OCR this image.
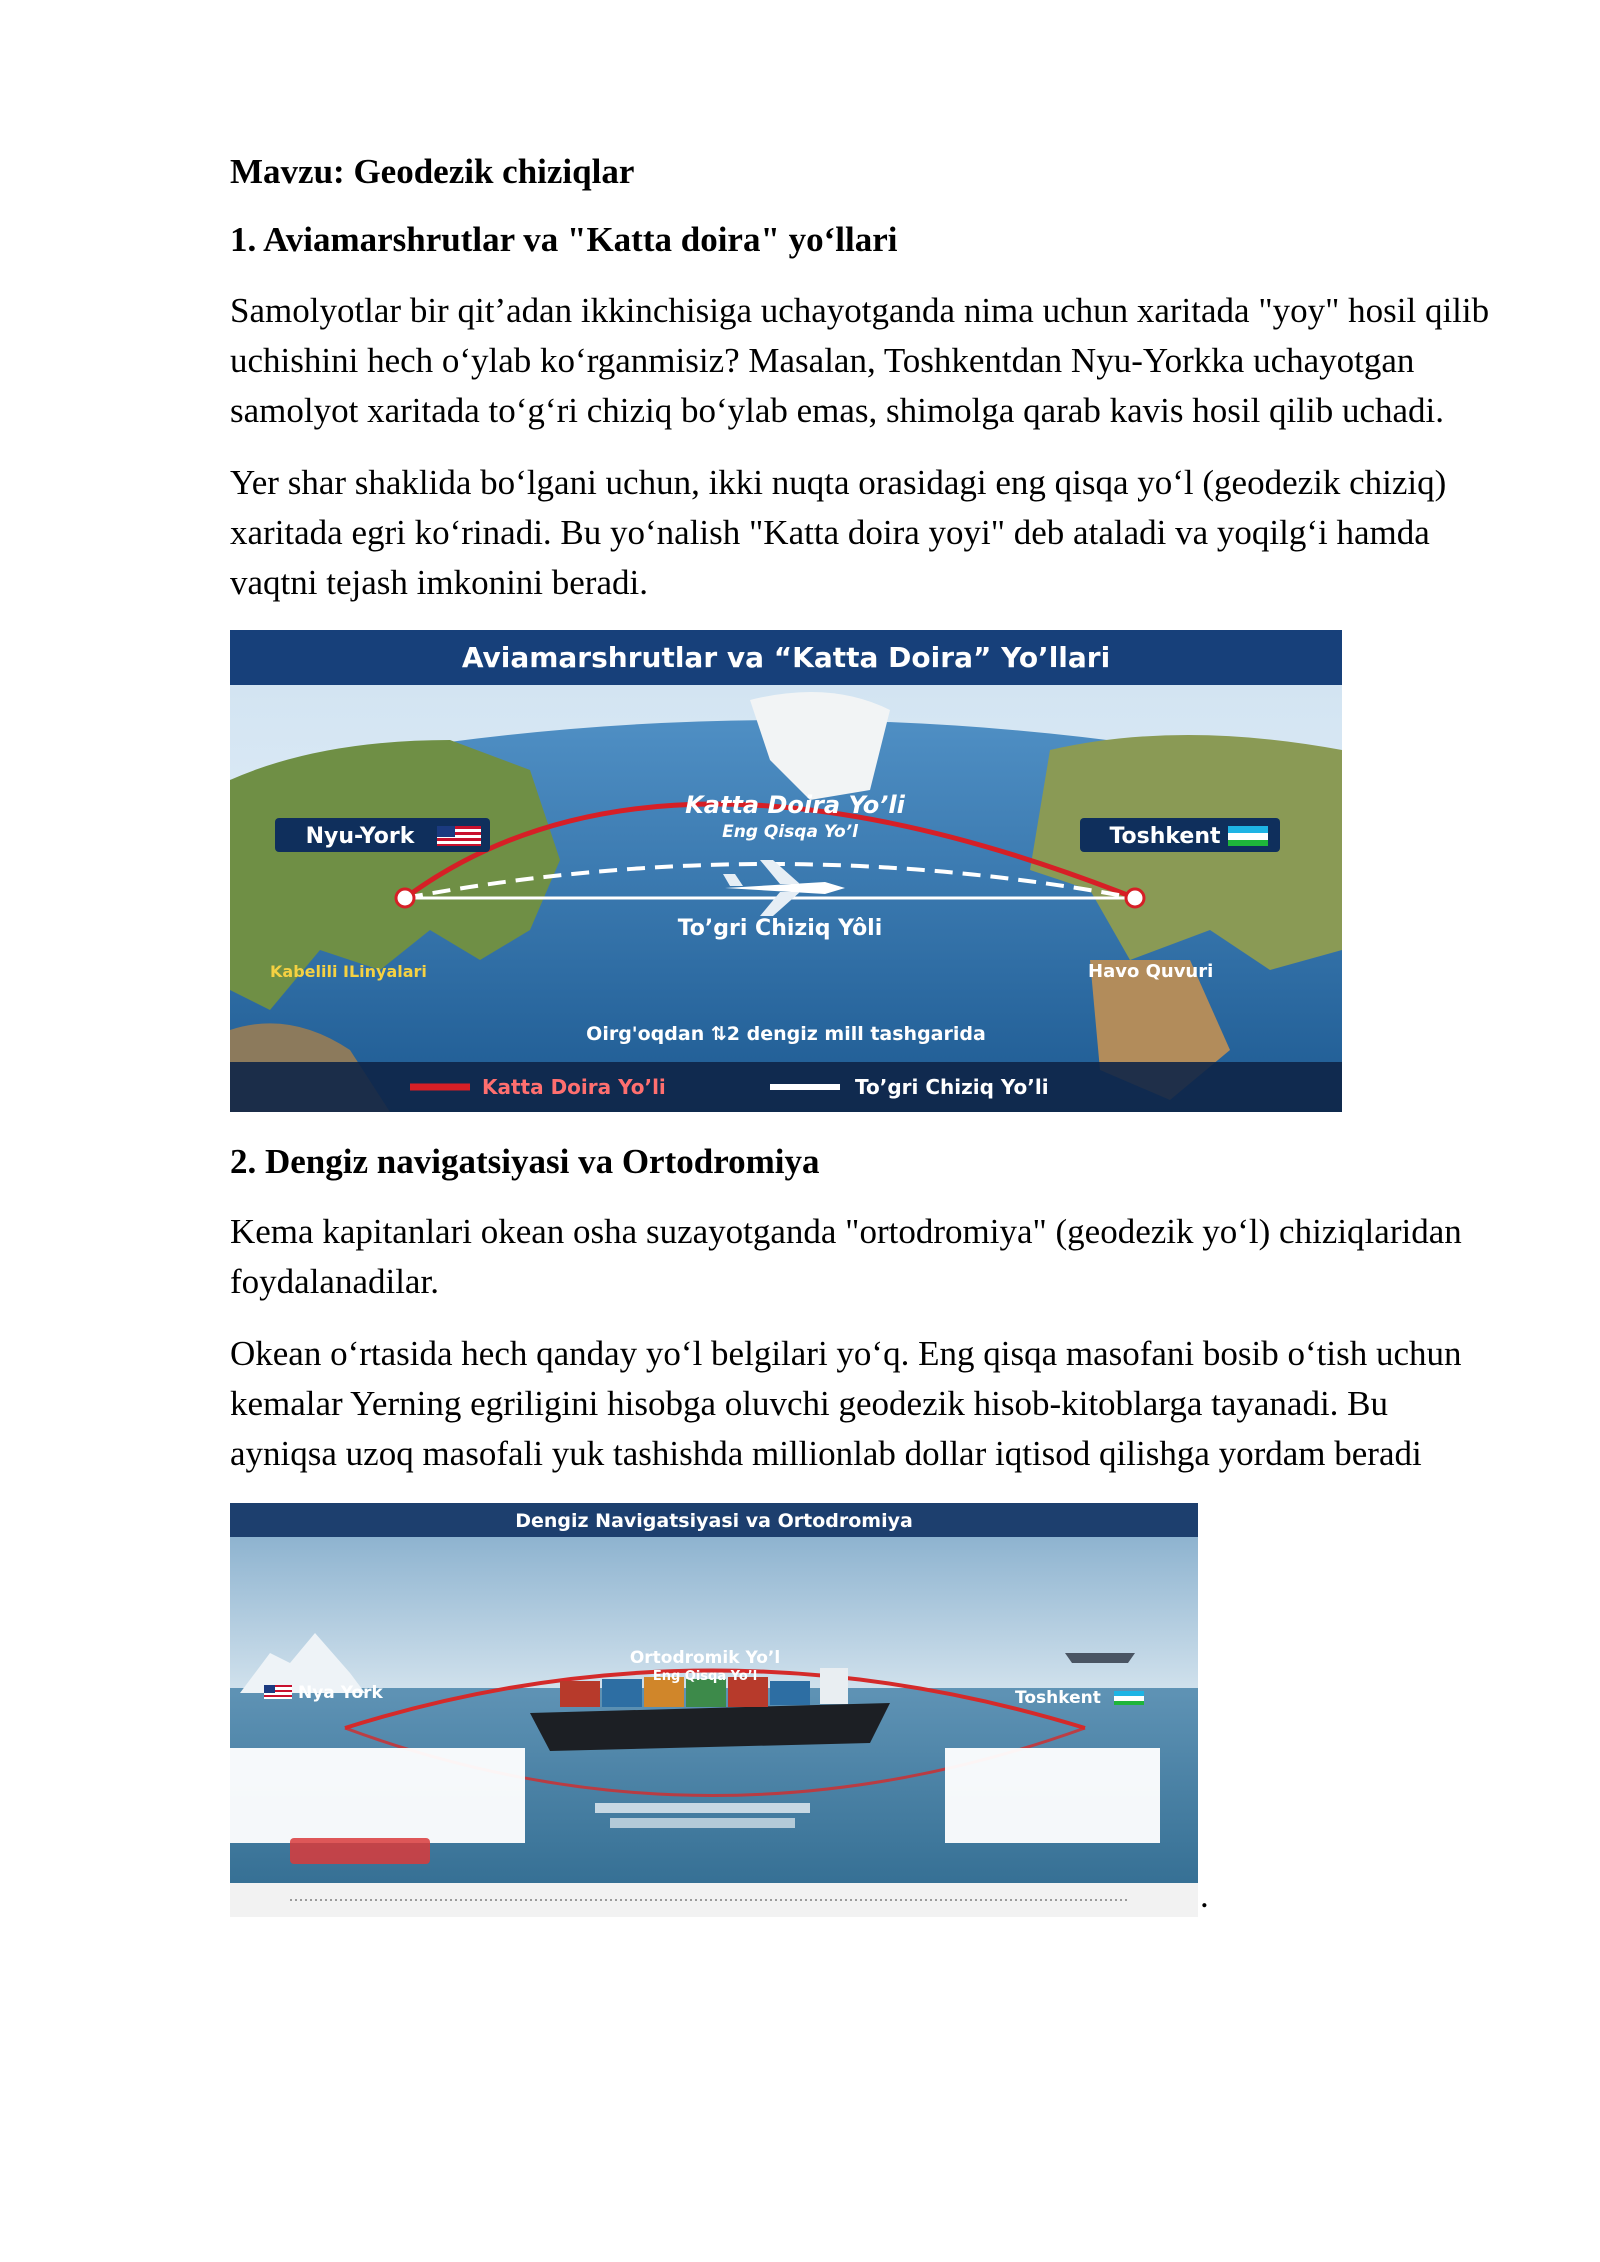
Mavzu: Geodezik chiziqlar
1. Aviamarshrutlar va "Katta doira" yo‘llari

Samolyotlar bir qit’adan ikkinchisiga uchayotganda nima uchun xaritada "yoy" hosil qilib uchishini hech o‘ylab ko‘rganmisiz? Masalan, Toshkentdan Nyu-Yorkka uchayotgan samolyot xaritada to‘g‘ri chiziq bo‘ylab emas, shimolga qarab kavis hosil qilib uchadi.

Yer shar shaklida bo‘lgani uchun, ikki nuqta orasidagi eng qisqa yo‘l (geodezik chiziq) xaritada egri ko‘rinadi. Bu yo‘nalish "Katta doira yoyi" deb ataladi va yoqilg‘i hamda vaqtni tejash imkonini beradi.

Aviamarshrutlar va “Katta Doira” Yo’llari
Nyu-York	Toshkent
Katta Doira Yo’li
Eng Qisqa Yo’l
To’gri Chiziq Yôli
Kabelili ILinyalari	Havo Quvuri
Oirg'oqdan ⇅2 dengiz mill tashgarida
Katta Doira Yo’li	To’gri Chiziq Yo’li
2. Dengiz navigatsiyasi va Ortodromiya

Kema kapitanlari okean osha suzayotganda "ortodromiya" (geodezik yo‘l) chiziqlaridan foydalanadilar.

Okean o‘rtasida hech qanday yo‘l belgilari yo‘q. Eng qisqa masofani bosib o‘tish uchun kemalar Yerning egriligini hisobga oluvchi geodezik hisob-kitoblarga tayanadi. Bu ayniqsa uzoq masofali yuk tashishda millionlab dollar iqtisod qilishga yordam beradi

Dengiz Navigatsiyasi va Ortodromiya
Nya York	Toshkent
Ortodromik Yo’l
Eng Qisqa Yo’l
.
